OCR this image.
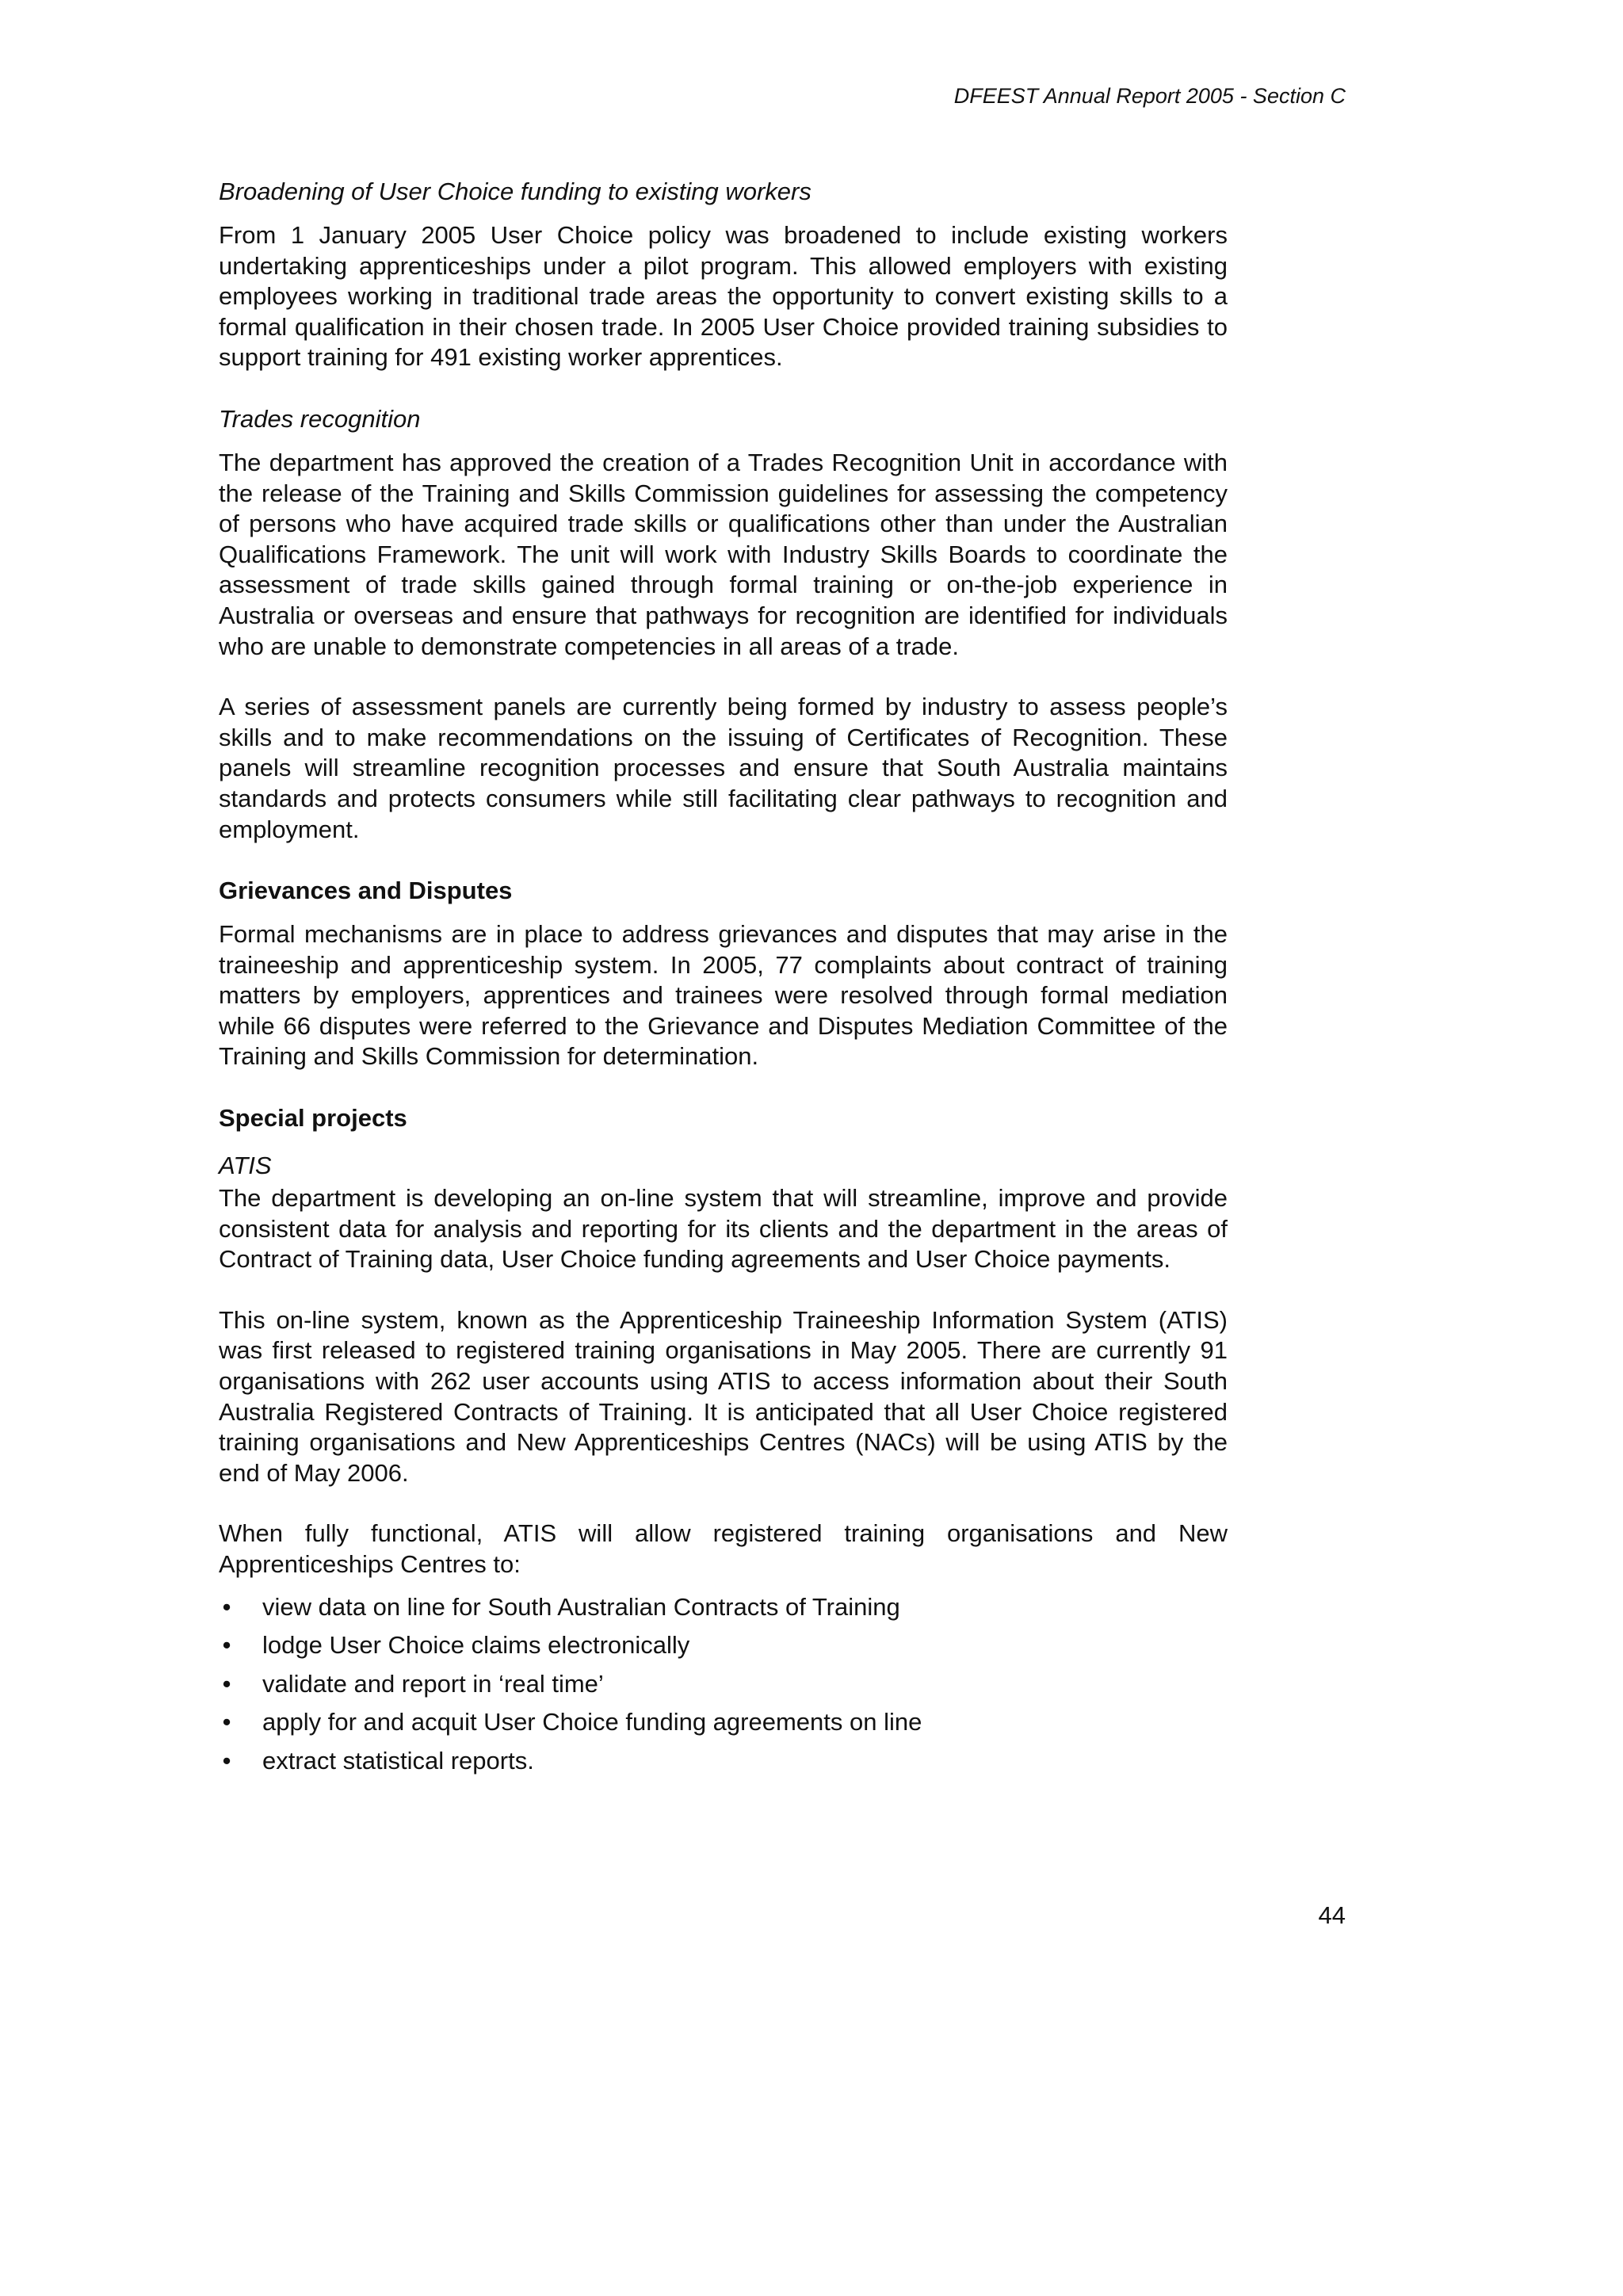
DFEEST Annual Report 2005 - Section C
Broadening of User Choice funding to existing workers

From 1 January 2005 User Choice policy was broadened to include existing workers undertaking apprenticeships under a pilot program. This allowed employers with existing employees working in traditional trade areas the opportunity to convert existing skills to a formal qualification in their chosen trade. In 2005 User Choice provided training subsidies to support training for 491 existing worker apprentices.

Trades recognition

The department has approved the creation of a Trades Recognition Unit in accordance with the release of the Training and Skills Commission guidelines for assessing the competency of persons who have acquired trade skills or qualifications other than under the Australian Qualifications Framework. The unit will work with Industry Skills Boards to coordinate the assessment of trade skills gained through formal training or on-the-job experience in Australia or overseas and ensure that pathways for recognition are identified for individuals who are unable to demonstrate competencies in all areas of a trade.

A series of assessment panels are currently being formed by industry to assess people’s skills and to make recommendations on the issuing of Certificates of Recognition. These panels will streamline recognition processes and ensure that South Australia maintains standards and protects consumers while still facilitating clear pathways to recognition and employment.

Grievances and Disputes

Formal mechanisms are in place to address grievances and disputes that may arise in the traineeship and apprenticeship system. In 2005, 77 complaints about contract of training matters by employers, apprentices and trainees were resolved through formal mediation while 66 disputes were referred to the Grievance and Disputes Mediation Committee of the Training and Skills Commission for determination.

Special projects
ATIS

The department is developing an on-line system that will streamline, improve and provide consistent data for analysis and reporting for its clients and the department in the areas of Contract of Training data, User Choice funding agreements and User Choice payments.

This on-line system, known as the Apprenticeship Traineeship Information System (ATIS) was first released to registered training organisations in May 2005. There are currently 91 organisations with 262 user accounts using ATIS to access information about their South Australia Registered Contracts of Training. It is anticipated that all User Choice registered training organisations and New Apprenticeships Centres (NACs) will be using ATIS by the end of May 2006.

When fully functional, ATIS will allow registered training organisations and New Apprenticeships Centres to:

• view data on line for South Australian Contracts of Training
• lodge User Choice claims electronically
• validate and report in ‘real time’
• apply for and acquit User Choice funding agreements on line
• extract statistical reports.
44
